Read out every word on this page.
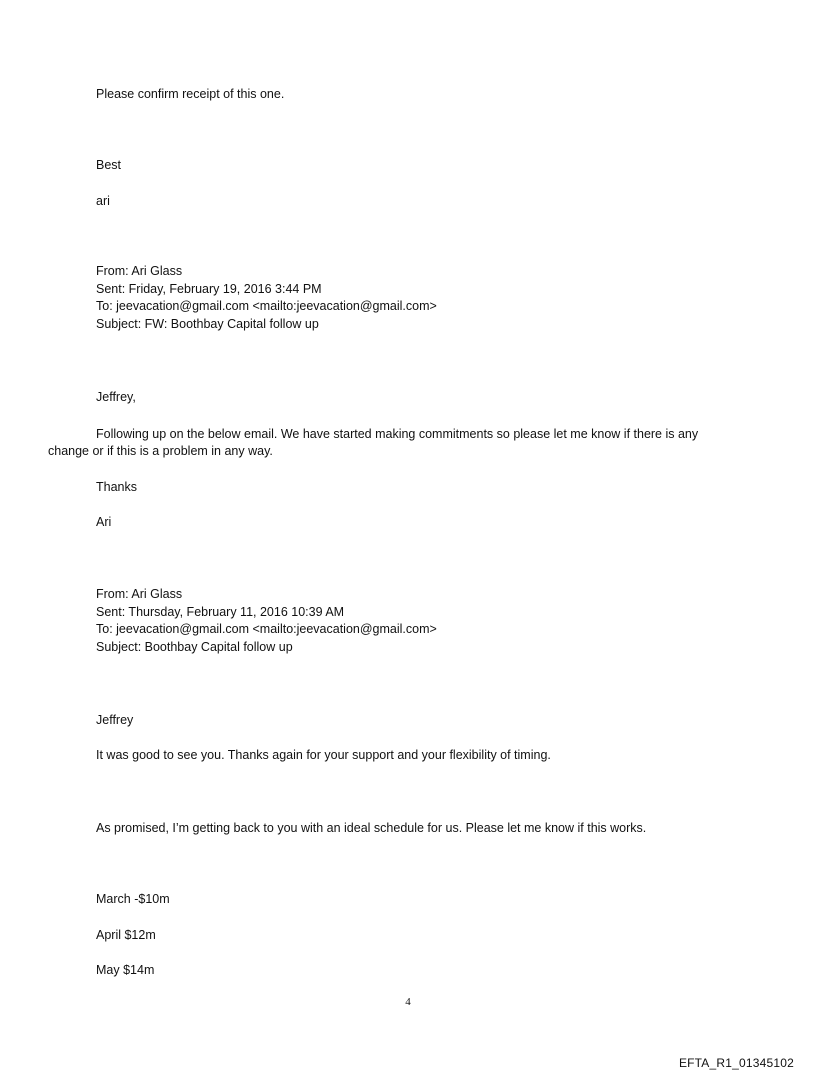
Please confirm receipt of this one.

Best

ari

From: Ari Glass
Sent: Friday, February 19, 2016 3:44 PM
To: jeevacation@gmail.com <mailto:jeevacation@gmail.com>
Subject: FW: Boothbay Capital follow up

Jeffrey,

Following up on the below email. We have started making commitments so please let me know if there is any

change or if this is a problem in any way.

Thanks

Ari

From: Ari Glass
Sent: Thursday, February 11, 2016 10:39 AM
To: jeevacation@gmail.com <mailto:jeevacation@gmail.com>
Subject: Boothbay Capital follow up

Jeffrey

It was good to see you. Thanks again for your support and your flexibility of timing.

As promised, I’m getting back to you with an ideal schedule for us. Please let me know if this works.

March -$10m

April $12m

May $14m

4
EFTA_R1_01345102
